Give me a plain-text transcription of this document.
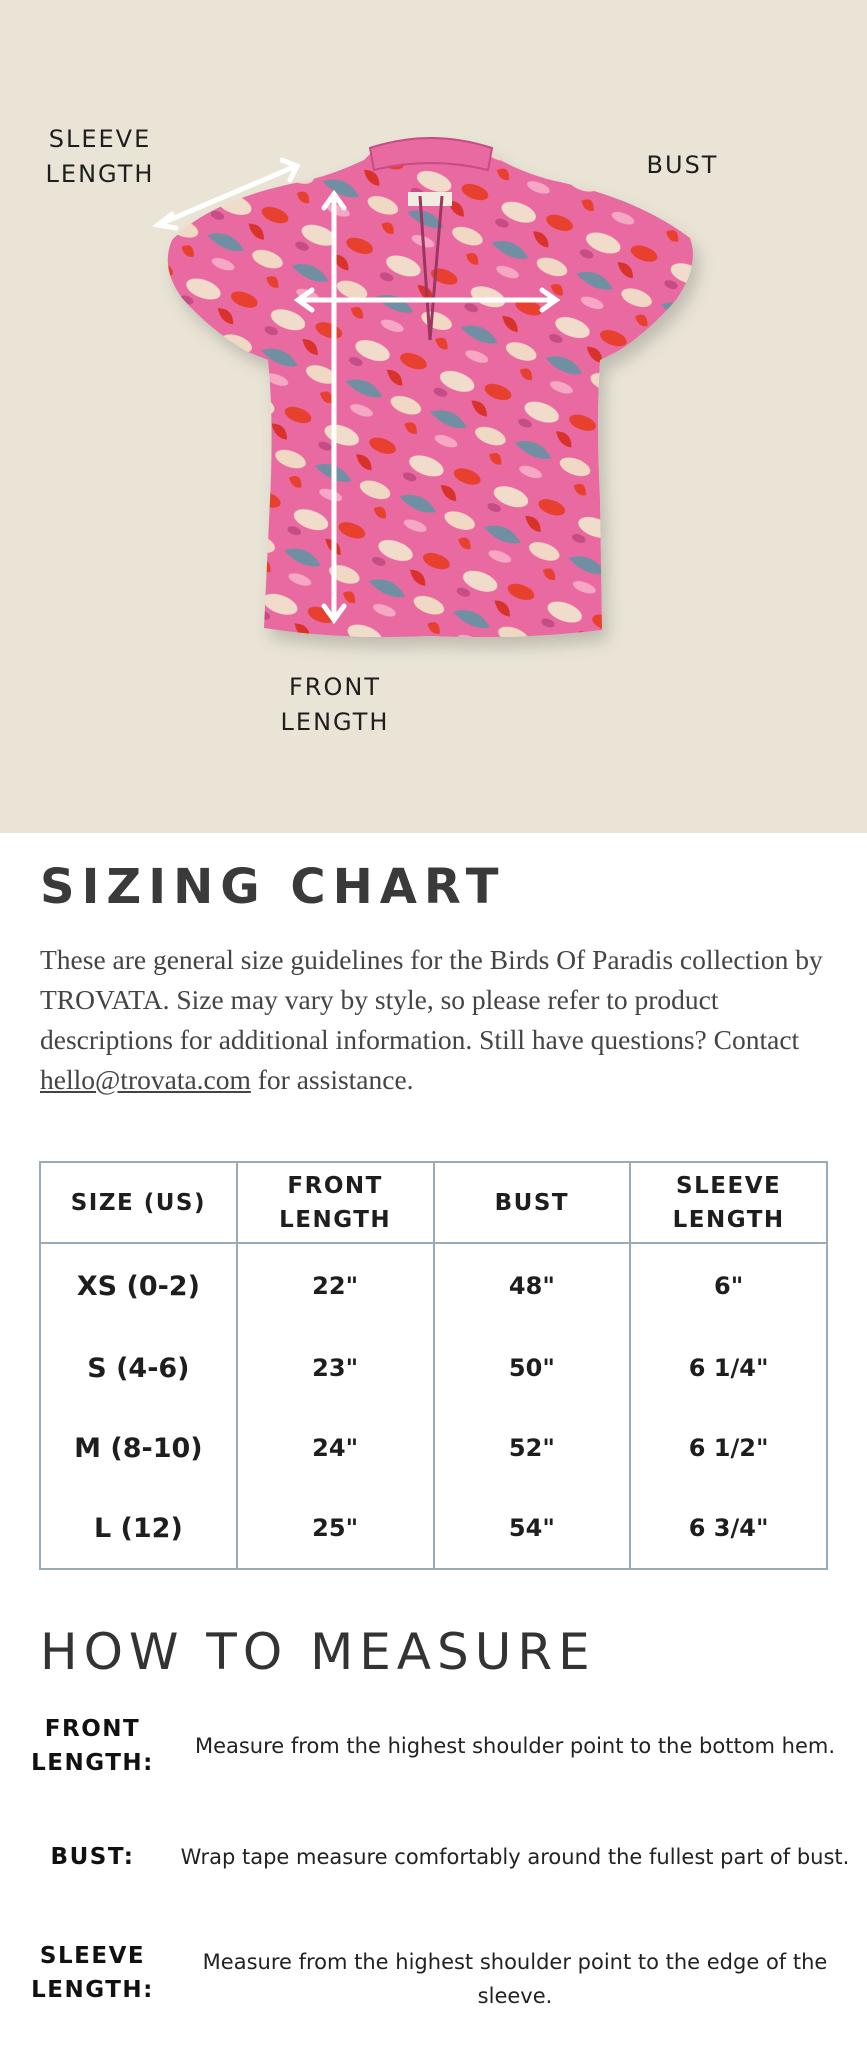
SLEEVE
LENGTH	BUST
FRONT
LENGTH
SIZING CHART

These are general size guidelines for the Birds Of Paradis collection by TROVATA. Size may vary by style, so please refer to product descriptions for additional information. Still have questions? Contact hello@trovata.com for assistance.

SIZE (US)	FRONT LENGTH	BUST	SLEEVE LENGTH
XS (0-2)	22"	48"	6"
S (4-6)	23"	50"	6 1/4"
M (8-10)	24"	52"	6 1/2"
L (12)	25"	54"	6 3/4"
HOW TO MEASURE
FRONT LENGTH:
Measure from the highest shoulder point to the bottom hem.
BUST:	Wrap tape measure comfortably around the fullest part of bust.
SLEEVE LENGTH:
Measure from the highest shoulder point to the edge of the sleeve.
